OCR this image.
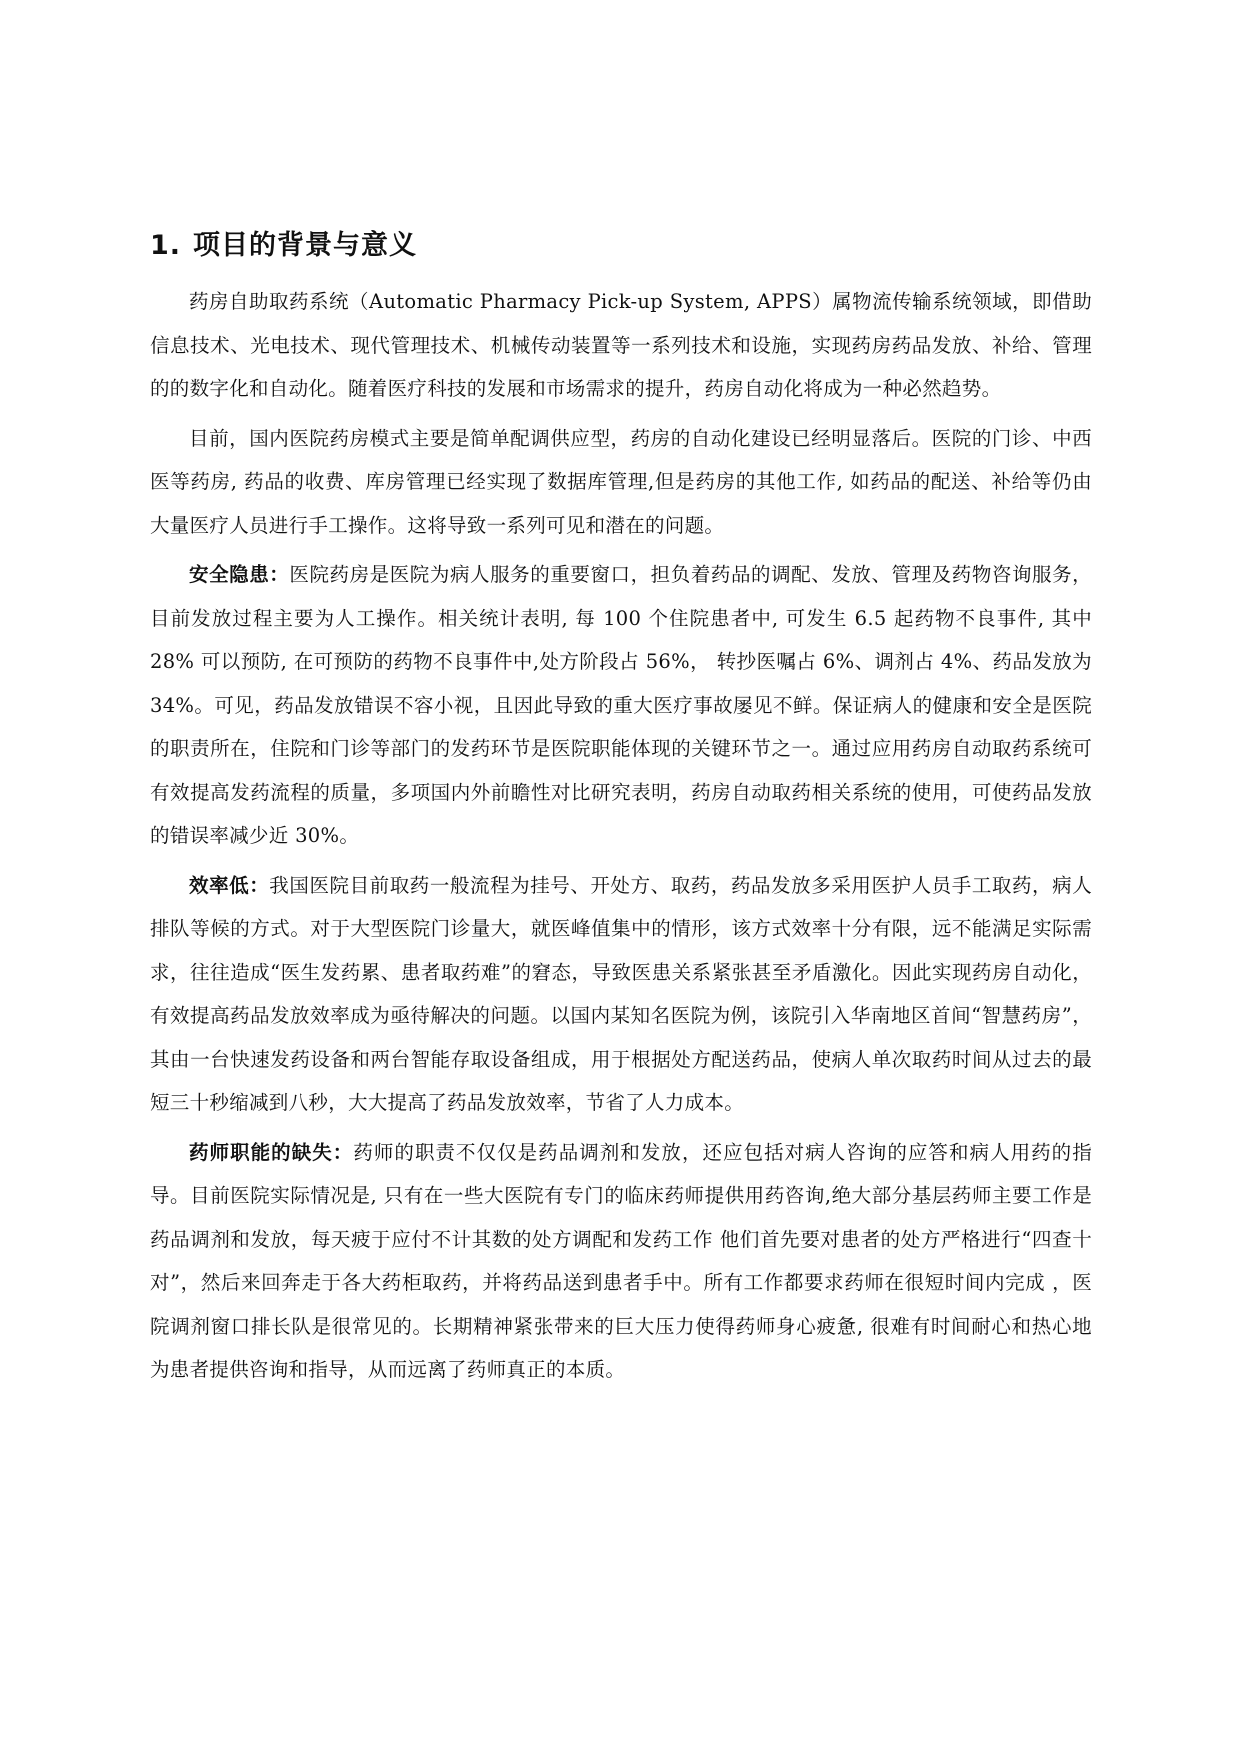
1. 项目的背景与意义

药房自助取药系统（Automatic Pharmacy Pick-up System, APPS）属物流传输系统领域，即借助信息技术、光电技术、现代管理技术、机械传动装置等一系列技术和设施，实现药房药品发放、补给、管理的的数字化和自动化。随着医疗科技的发展和市场需求的提升，药房自动化将成为一种必然趋势。

目前，国内医院药房模式主要是简单配调供应型，药房的自动化建设已经明显落后。医院的门诊、中西医等药房, 药品的收费、库房管理已经实现了数据库管理,但是药房的其他工作, 如药品的配送、补给等仍由大量医疗人员进行手工操作。这将导致一系列可见和潜在的问题。

安全隐患：医院药房是医院为病人服务的重要窗口，担负着药品的调配、发放、管理及药物咨询服务，目前发放过程主要为人工操作。相关统计表明, 每 100 个住院患者中, 可发生 6.5 起药物不良事件, 其中 28% 可以预防, 在可预防的药物不良事件中,处方阶段占 56%， 转抄医嘱占 6%、调剂占 4%、药品发放为 34%。可见，药品发放错误不容小视，且因此导致的重大医疗事故屡见不鲜。保证病人的健康和安全是医院的职责所在，住院和门诊等部门的发药环节是医院职能体现的关键环节之一。通过应用药房自动取药系统可有效提高发药流程的质量，多项国内外前瞻性对比研究表明，药房自动取药相关系统的使用，可使药品发放的错误率减少近 30%。

效率低：我国医院目前取药一般流程为挂号、开处方、取药，药品发放多采用医护人员手工取药，病人排队等候的方式。对于大型医院门诊量大，就医峰值集中的情形，该方式效率十分有限，远不能满足实际需求，往往造成“医生发药累、患者取药难”的窘态，导致医患关系紧张甚至矛盾激化。因此实现药房自动化，有效提高药品发放效率成为亟待解决的问题。以国内某知名医院为例，该院引入华南地区首间“智慧药房”，其由一台快速发药设备和两台智能存取设备组成，用于根据处方配送药品，使病人单次取药时间从过去的最短三十秒缩减到八秒，大大提高了药品发放效率，节省了人力成本。

药师职能的缺失：药师的职责不仅仅是药品调剂和发放，还应包括对病人咨询的应答和病人用药的指导。目前医院实际情况是, 只有在一些大医院有专门的临床药师提供用药咨询,绝大部分基层药师主要工作是药品调剂和发放，每天疲于应付不计其数的处方调配和发药工作 他们首先要对患者的处方严格进行“四查十对”，然后来回奔走于各大药柜取药，并将药品送到患者手中。所有工作都要求药师在很短时间内完成 ，医院调剂窗口排长队是很常见的。长期精神紧张带来的巨大压力使得药师身心疲惫, 很难有时间耐心和热心地为患者提供咨询和指导，从而远离了药师真正的本质。
